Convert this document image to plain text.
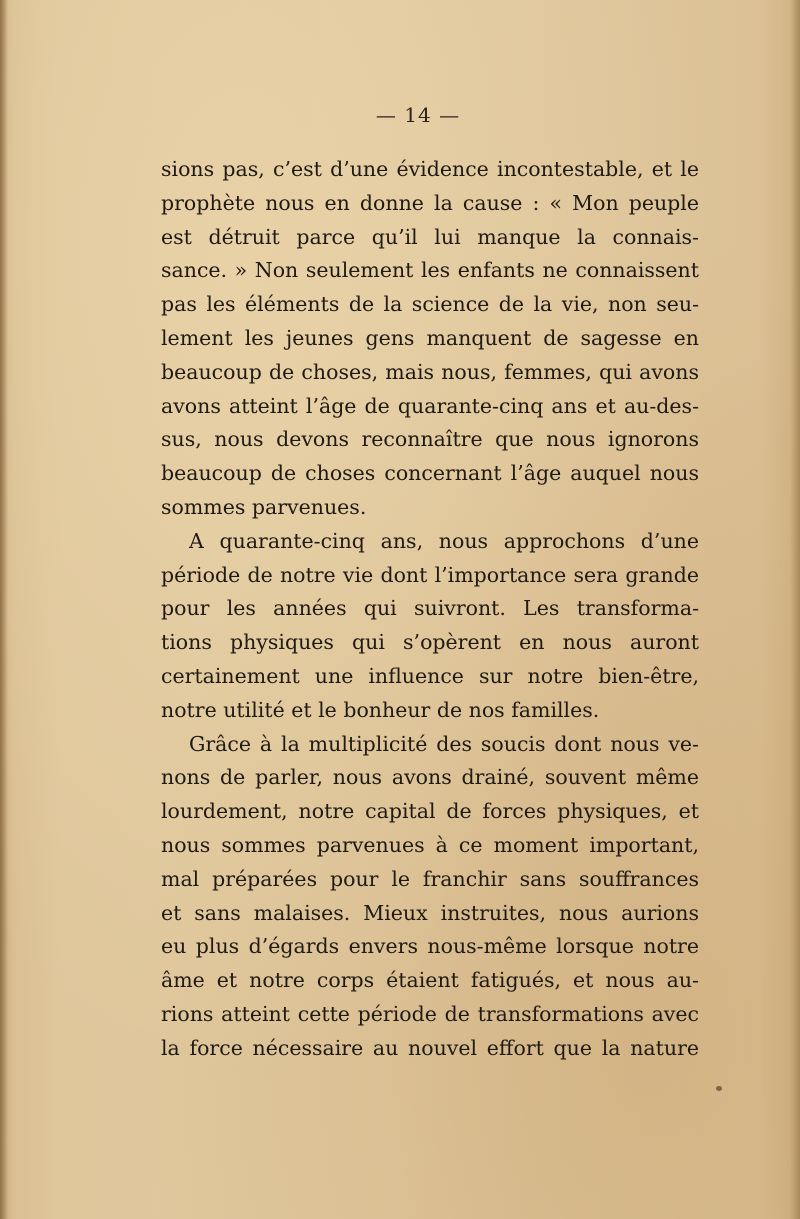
— 14 —
sions pas, c’est d’une évidence incontestable, et le
prophète nous en donne la cause : « Mon peuple
est détruit parce qu’il lui manque la connais-
sance. » Non seulement les enfants ne connaissent
pas les éléments de la science de la vie, non seu-
lement les jeunes gens manquent de sagesse en
beaucoup de choses, mais nous, femmes, qui avons
avons atteint l’âge de quarante-cinq ans et au-des-
sus, nous devons reconnaître que nous ignorons
beaucoup de choses concernant l’âge auquel nous
sommes parvenues.
A quarante-cinq ans, nous approchons d’une
période de notre vie dont l’importance sera grande
pour les années qui suivront. Les transforma-
tions physiques qui s’opèrent en nous auront
certainement une influence sur notre bien-être,
notre utilité et le bonheur de nos familles.
Grâce à la multiplicité des soucis dont nous ve-
nons de parler, nous avons drainé, souvent même
lourdement, notre capital de forces physiques, et
nous sommes parvenues à ce moment important,
mal préparées pour le franchir sans souffrances
et sans malaises. Mieux instruites, nous aurions
eu plus d’égards envers nous-même lorsque notre
âme et notre corps étaient fatigués, et nous au-
rions atteint cette période de transformations avec
la force nécessaire au nouvel effort que la nature
